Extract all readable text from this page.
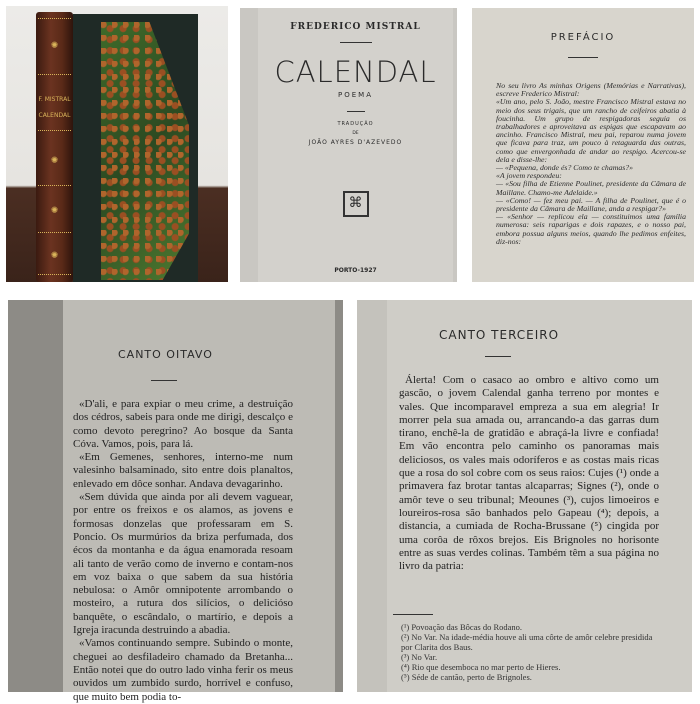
✺
F. MISTRAL
CALENDAL
✺
✺
✺
FREDERICO MISTRAL
CALENDAL
POEMA
TRADUÇÃO
DE
JOÃO AYRES D'AZEVEDO
⌘
PORTO-1927
PREFÁCIO
No seu livro As minhas Origens (Memórias e Narrativas), escreve Frederico Mistral:
«Um ano, pelo S. João, mestre Francisco Mistral estava no meio dos seus trigais, que um rancho de ceifeiros abatia à foucinha. Um grupo de respigadoras seguia os trabalhadores e aproveitava as espigas que escapavam ao ancinho. Francisco Mistral, meu pai, reparou numa jovem que ficava para traz, um pouco à retaguarda das outras, como que envergonhada de andar ao respigo. Acercou-se dela e disse-lhe:
— «Pequena, donde és? Como te chamas?»
«A jovem respondeu:
— «Sou filha de Etienne Poulinet, presidente da Câmara de Maillane. Chamo-me Adelaide.»
— «Como! — fez meu pai. — A filha de Poulinet, que é o presidente da Câmara de Maillane, anda a respigar?»
— «Senhor — replicou ela — constituimos uma família numerosa: seis raparigas e dois rapazes, e o nosso pai, embora possua alguns meios, quando lhe pedimos enfeites, diz-nos:
CANTO OITAVO

«D'ali, e para expiar o meu crime, a destruição dos cédros, sabeis para onde me dirigi, descalço e como devoto peregrino? Ao bosque da Santa Cóva. Vamos, pois, para lá.

«Em Gemenes, senhores, interno-me num valesinho balsaminado, sito entre dois planaltos, enlevado em dôce sonhar. Andava devagarinho.

«Sem dúvida que ainda por ali devem vaguear, por entre os freixos e os alamos, as jovens e formosas donzelas que professaram em S. Poncio. Os murmúrios da briza perfumada, dos écos da montanha e da água enamorada resoam ali tanto de verão como de inverno e contam-nos em voz baixa o que sabem da sua história nebulosa: o Amôr omnipotente arrombando o mosteiro, a rutura dos silícios, o delicióso banquête, o escândalo, o martírio, e depois a Igreja iracunda destruindo a abadia.

«Vamos continuando sempre. Subindo o monte, cheguei ao desfiladeiro chamado da Bretanha... Então notei que do outro lado vinha ferir os meus ouvidos um zumbido surdo, horrível e confuso, que muito bem podia to-

CANTO TERCEIRO

Álerta! Com o casaco ao ombro e altivo como um gascão, o jovem Calendal ganha terreno por montes e vales. Que incomparavel empreza a sua em alegria! Ir morrer pela sua amada ou, arrancando-a das garras dum tirano, enchê-la de gratidão e abraçá-la livre e confiada! Em vão encontra pelo caminho os panoramas mais deliciosos, os vales mais odoríferos e as costas mais ricas que a rosa do sol cobre com os seus raios: Cujes (¹) onde a primavera faz brotar tantas alcaparras; Signes (²), onde o amôr teve o seu tribunal; Meounes (³), cujos limoeiros e loureiros-rosa são banhados pelo Gapeau (⁴); depois, a distancia, a cumiada de Rocha-Brussane (⁵) cingida por uma corôa de rôxos brejos. Eis Brignoles no horisonte entre as suas verdes colinas. Também têm a sua página no livro da patria:

(¹) Povoação das Bôcas do Rodano.
(²) No Var. Na idade-média houve ali uma côrte de amôr celebre presidida por Clarita dos Baus.
(³) No Var.
(⁴) Rio que desemboca no mar perto de Hieres.
(⁵) Séde de cantão, perto de Brignoles.
